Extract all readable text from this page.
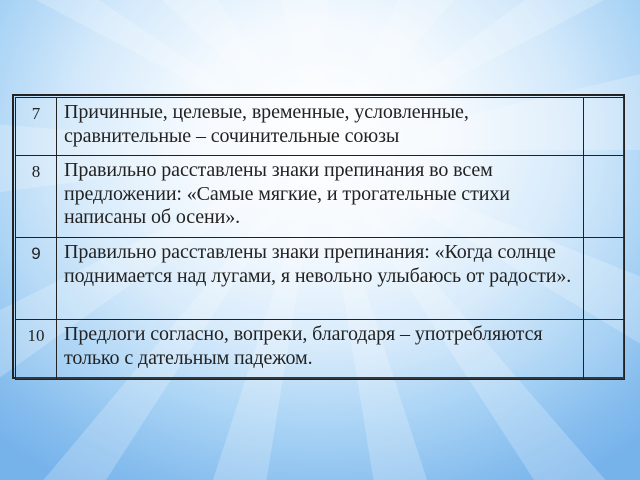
7	Причинные, целевые, временные, условленные, сравнительные – сочинительные союзы	
8	Правильно расставлены знаки препинания во всем предложении: «Самые мягкие, и трогательные стихи написаны об осени».	
9	Правильно расставлены знаки препинания: «Когда солнце поднимается над лугами, я невольно улыбаюсь от радости».	
10	Предлоги согласно, вопреки, благодаря – употребляются только с дательным падежом.	
